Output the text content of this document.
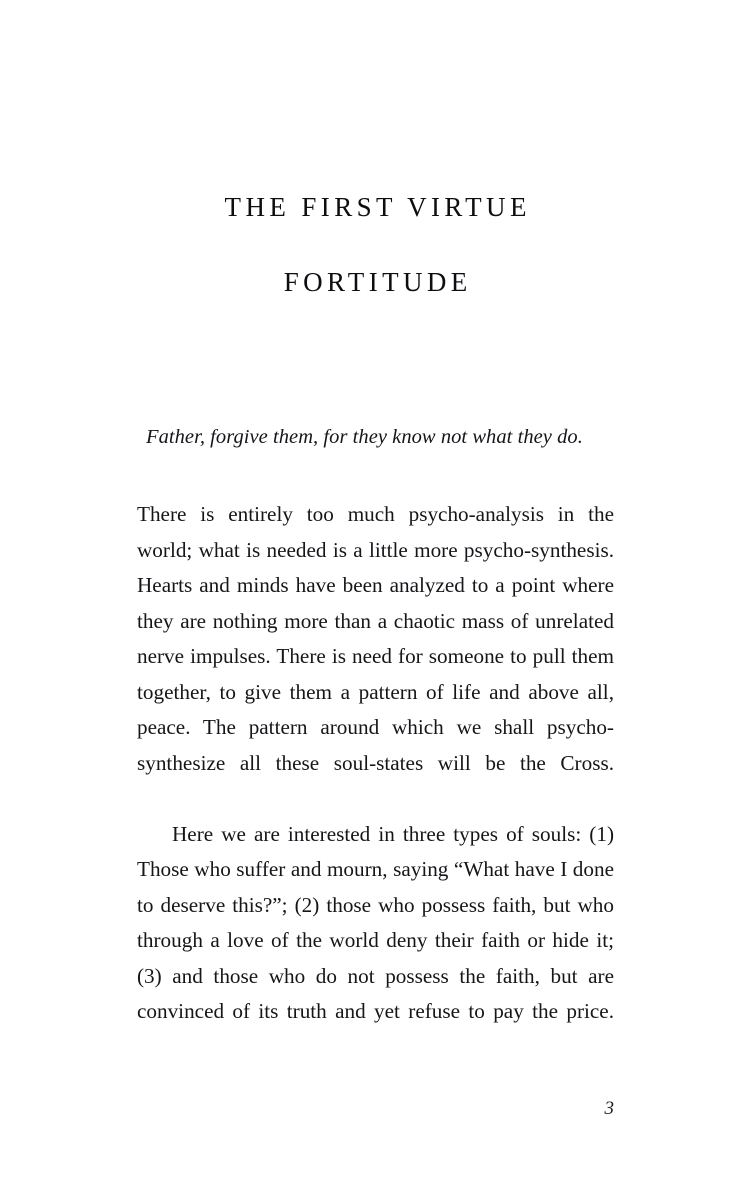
THE FIRST VIRTUE
FORTITUDE
Father, forgive them, for they know not what they do.

There is entirely too much psycho-analysis in the world; what is needed is a little more psycho-synthesis. Hearts and minds have been analyzed to a point where they are nothing more than a chaotic mass of unrelated nerve impulses. There is need for someone to pull them together, to give them a pattern of life and above all, peace. The pattern around which we shall psycho-synthesize all these soul-states will be the Cross.

Here we are interested in three types of souls: (1) Those who suffer and mourn, saying “What have I done to deserve this?”; (2) those who possess faith, but who through a love of the world deny their faith or hide it; (3) and those who do not possess the faith, but are convinced of its truth and yet refuse to pay the price.

3
